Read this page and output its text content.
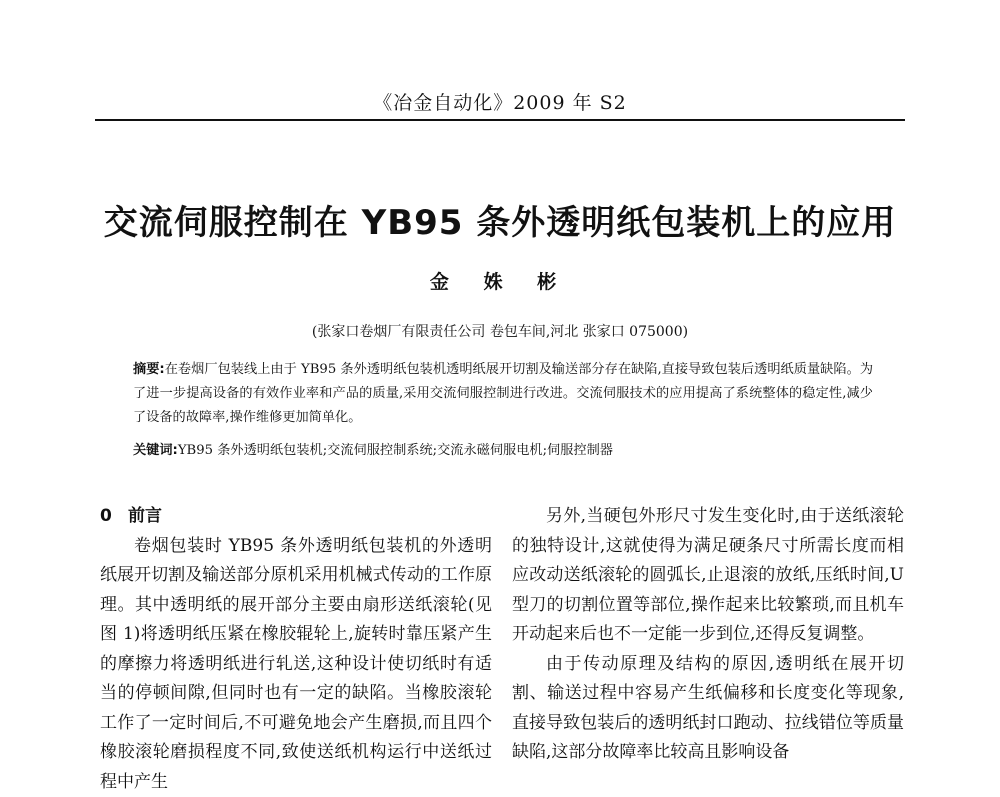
《冶金自动化》2009 年 S2
交流伺服控制在 YB95 条外透明纸包装机上的应用
金 姝 彬
(张家口卷烟厂有限责任公司 卷包车间,河北 张家口 075000)
摘要:在卷烟厂包装线上由于 YB95 条外透明纸包装机透明纸展开切割及输送部分存在缺陷,直接导致包装后透明纸质量缺陷。为了进一步提高设备的有效作业率和产品的质量,采用交流伺服控制进行改进。交流伺服技术的应用提高了系统整体的稳定性,减少了设备的故障率,操作维修更加简单化。
关键词:YB95 条外透明纸包装机;交流伺服控制系统;交流永磁伺服电机;伺服控制器
0 前言

卷烟包装时 YB95 条外透明纸包装机的外透明纸展开切割及输送部分原机采用机械式传动的工作原理。其中透明纸的展开部分主要由扇形送纸滚轮(见图 1)将透明纸压紧在橡胶辊轮上,旋转时靠压紧产生的摩擦力将透明纸进行轧送,这种设计使切纸时有适当的停顿间隙,但同时也有一定的缺陷。当橡胶滚轮工作了一定时间后,不可避免地会产生磨损,而且四个橡胶滚轮磨损程度不同,致使送纸机构运行中送纸过程中产生

另外,当硬包外形尺寸发生变化时,由于送纸滚轮的独特设计,这就使得为满足硬条尺寸所需长度而相应改动送纸滚轮的圆弧长,止退滚的放纸,压纸时间,U 型刀的切割位置等部位,操作起来比较繁琐,而且机车开动起来后也不一定能一步到位,还得反复调整。

由于传动原理及结构的原因,透明纸在展开切割、输送过程中容易产生纸偏移和长度变化等现象,直接导致包装后的透明纸封口跑动、拉线错位等质量缺陷,这部分故障率比较高且影响设备
